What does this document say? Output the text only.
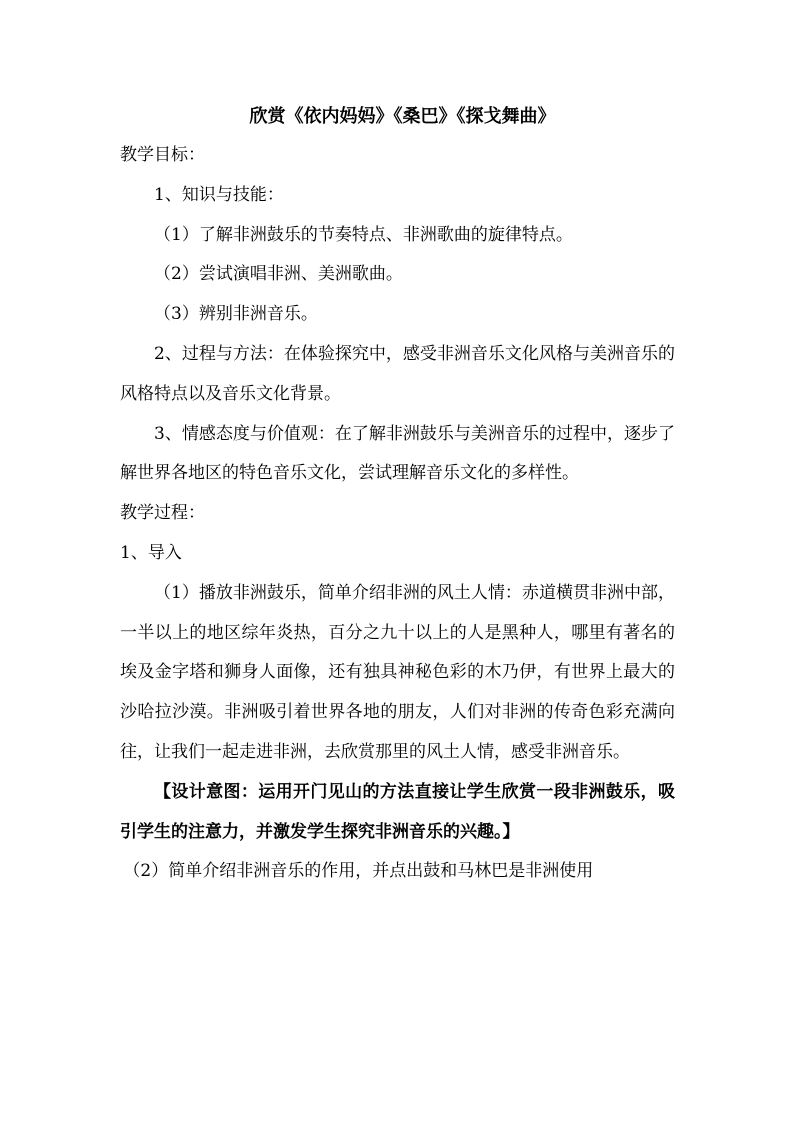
欣赏《依内妈妈》《桑巴》《探戈舞曲》

教学目标：

1、知识与技能：

（1）了解非洲鼓乐的节奏特点、非洲歌曲的旋律特点。

（2）尝试演唱非洲、美洲歌曲。

（3）辨别非洲音乐。

2、过程与方法：在体验探究中，感受非洲音乐文化风格与美洲音乐的风格特点以及音乐文化背景。

3、情感态度与价值观：在了解非洲鼓乐与美洲音乐的过程中，逐步了解世界各地区的特色音乐文化，尝试理解音乐文化的多样性。

教学过程：

1、导入

（1）播放非洲鼓乐，简单介绍非洲的风土人情：赤道横贯非洲中部，一半以上的地区综年炎热，百分之九十以上的人是黑种人，哪里有著名的埃及金字塔和狮身人面像，还有独具神秘色彩的木乃伊，有世界上最大的沙哈拉沙漠。非洲吸引着世界各地的朋友，人们对非洲的传奇色彩充满向往，让我们一起走进非洲，去欣赏那里的风土人情，感受非洲音乐。

【设计意图：运用开门见山的方法直接让学生欣赏一段非洲鼓乐，吸引学生的注意力，并激发学生探究非洲音乐的兴趣。】

（2）简单介绍非洲音乐的作用，并点出鼓和马林巴是非洲使用
